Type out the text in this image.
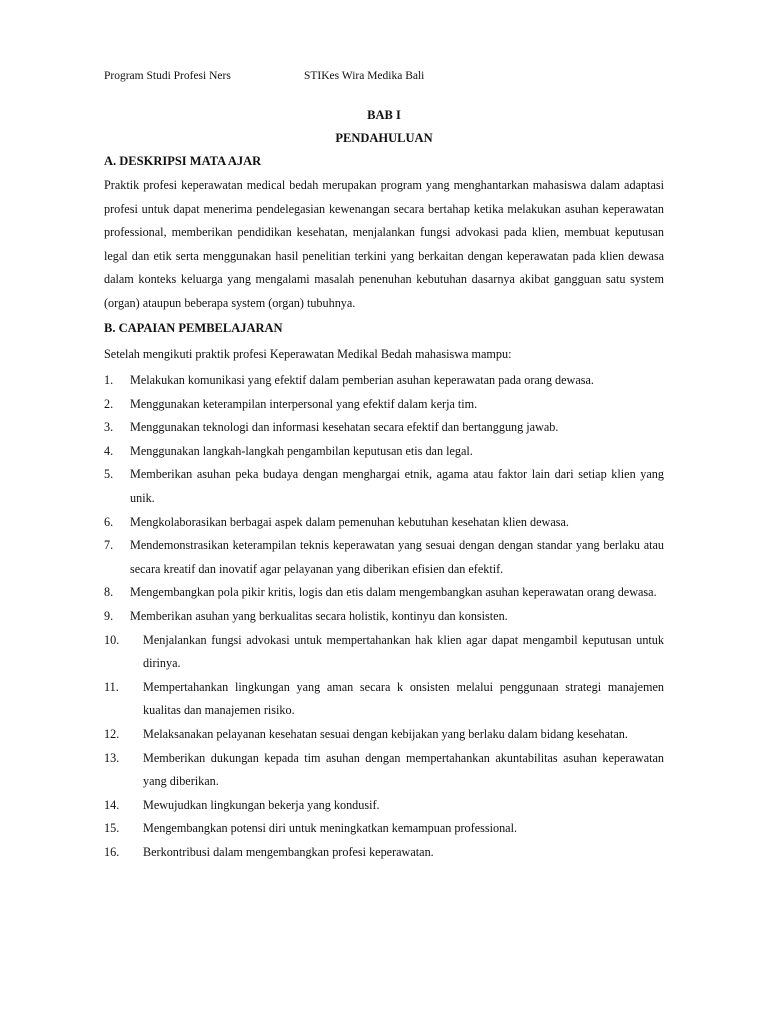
Program Studi Profesi Ners	STIKes Wira Medika Bali
BAB I
PENDAHULUAN
A. DESKRIPSI MATA AJAR
Praktik profesi keperawatan medical bedah merupakan program yang menghantarkan mahasiswa dalam adaptasi profesi untuk dapat menerima pendelegasian kewenangan secara bertahap ketika melakukan asuhan keperawatan professional, memberikan pendidikan kesehatan, menjalankan fungsi advokasi pada klien, membuat keputusan legal dan etik serta menggunakan hasil penelitian terkini yang berkaitan dengan keperawatan pada klien dewasa dalam konteks keluarga yang mengalami masalah penenuhan kebutuhan dasarnya akibat gangguan satu system (organ) ataupun beberapa system (organ) tubuhnya.
B. CAPAIAN PEMBELAJARAN
Setelah mengikuti praktik profesi Keperawatan Medikal Bedah mahasiswa mampu:
1.	Melakukan komunikasi yang efektif dalam pemberian asuhan keperawatan pada orang dewasa.
2.	Menggunakan keterampilan interpersonal yang efektif dalam kerja tim.
3.	Menggunakan teknologi dan informasi kesehatan secara efektif dan bertanggung jawab.
4.	Menggunakan langkah-langkah pengambilan keputusan etis dan legal.
5.	Memberikan asuhan peka budaya dengan menghargai etnik, agama atau faktor lain dari setiap klien yang unik.
6.	Mengkolaborasikan berbagai aspek dalam pemenuhan kebutuhan kesehatan klien dewasa.
7.	Mendemonstrasikan keterampilan teknis keperawatan yang sesuai dengan dengan standar yang berlaku atau secara kreatif dan inovatif agar pelayanan yang diberikan efisien dan efektif.
8.	Mengembangkan pola pikir kritis, logis dan etis dalam mengembangkan asuhan keperawatan orang dewasa.
9.	Memberikan asuhan yang berkualitas secara holistik, kontinyu dan konsisten.
10.	Menjalankan fungsi advokasi untuk mempertahankan hak klien agar dapat mengambil keputusan untuk dirinya.
11.	Mempertahankan lingkungan yang aman secara k onsisten melalui penggunaan strategi manajemen kualitas dan manajemen risiko.
12.	Melaksanakan pelayanan kesehatan sesuai dengan kebijakan yang berlaku dalam bidang kesehatan.
13.	Memberikan dukungan kepada tim asuhan dengan mempertahankan akuntabilitas asuhan keperawatan yang diberikan.
14.	Mewujudkan lingkungan bekerja yang kondusif.
15.	Mengembangkan potensi diri untuk meningkatkan kemampuan professional.
16.	Berkontribusi dalam mengembangkan profesi keperawatan.
